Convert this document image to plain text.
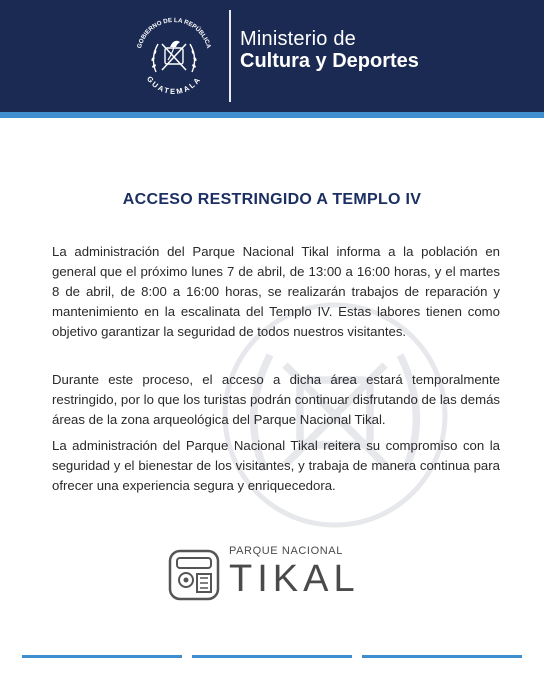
GOBIERNO DE LA REPÚBLICA
GUATEMALA
Ministerio de
Cultura y Deportes
ACCESO RESTRINGIDO A TEMPLO IV

La administración del Parque Nacional Tikal informa a la población en general que el próximo lunes 7 de abril, de 13:00 a 16:00 horas, y el martes 8 de abril, de 8:00 a 16:00 horas, se realizarán trabajos de reparación y mantenimiento en la escalinata del Templo IV. Estas labores tienen como objetivo garantizar la seguridad de todos nuestros visitantes.

Durante este proceso, el acceso a dicha área estará temporalmente restringido, por lo que los turistas podrán continuar disfrutando de las demás áreas de la zona arqueológica del Parque Nacional Tikal.

La administración del Parque Nacional Tikal reitera su compromiso con la seguridad y el bienestar de los visitantes, y trabaja de manera continua para ofrecer una experiencia segura y enriquecedora.

PARQUE NACIONAL
TIKAL
